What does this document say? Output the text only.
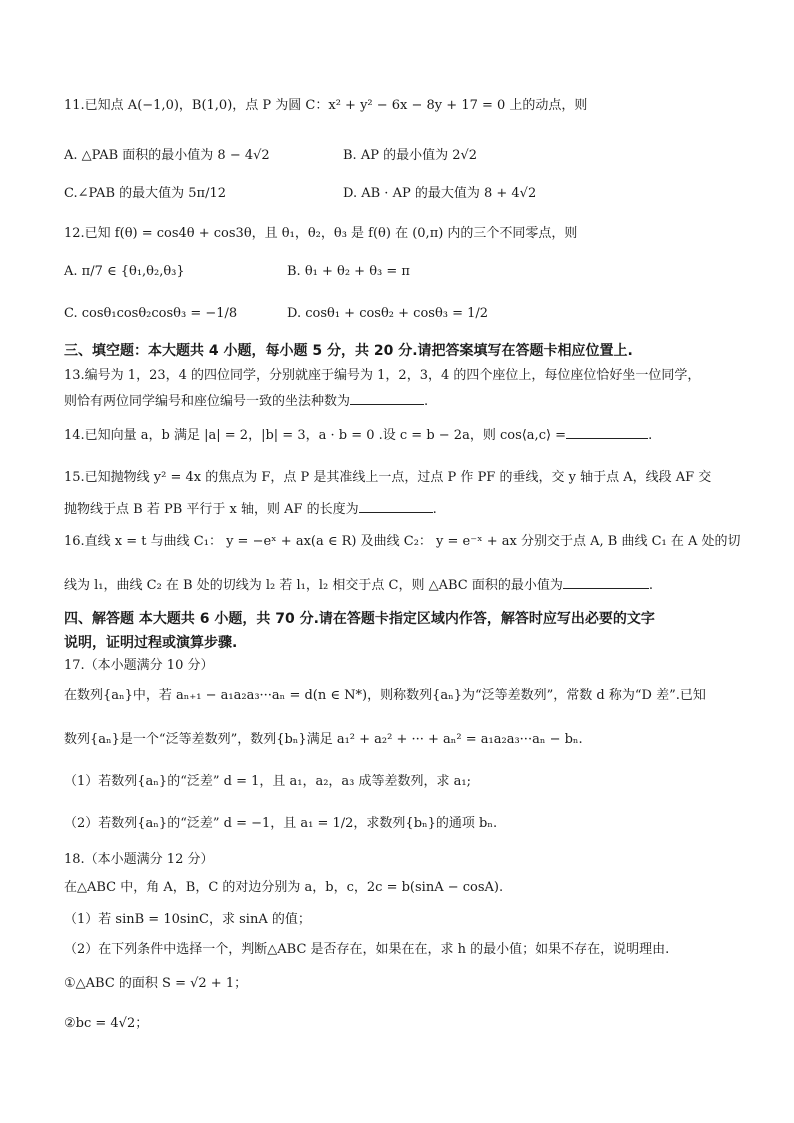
11.已知点 A(−1,0)，B(1,0)，点 P 为圆 C：x² + y² − 6x − 8y + 17 = 0 上的动点，则
A. △PAB 面积的最小值为 8 − 4√2	B. AP 的最小值为 2√2
C.∠PAB 的最大值为 5π/12	D. AB · AP 的最大值为 8 + 4√2
12.已知 f(θ) = cos4θ + cos3θ，且 θ₁，θ₂，θ₃ 是 f(θ) 在 (0,π) 内的三个不同零点，则
A. π/7 ∈ {θ₁,θ₂,θ₃}	B. θ₁ + θ₂ + θ₃ = π
C. cosθ₁cosθ₂cosθ₃ = −1/8	D. cosθ₁ + cosθ₂ + cosθ₃ = 1/2
三、填空题：本大题共 4 小题，每小题 5 分，共 20 分.请把答案填写在答题卡相应位置上.
13.编号为 1，23，4 的四位同学，分别就座于编号为 1，2，3，4 的四个座位上，每位座位恰好坐一位同学，
则恰有两位同学编号和座位编号一致的坐法种数为	.
14.已知向量 a，b 满足 |a| = 2，|b| = 3，a · b = 0 .设 c = b − 2a，则 cos⟨a,c⟩ =	.
15.已知抛物线 y² = 4x 的焦点为 F，点 P 是其准线上一点，过点 P 作 PF 的垂线，交 y 轴于点 A，线段 AF 交
抛物线于点 B 若 PB 平行于 x 轴，则 AF 的长度为	.
16.直线 x = t 与曲线 C₁： y = −eˣ + ax(a ∈ R) 及曲线 C₂： y = e⁻ˣ + ax 分别交于点 A, B 曲线 C₁ 在 A 处的切
线为 l₁，曲线 C₂ 在 B 处的切线为 l₂ 若 l₁，l₂ 相交于点 C，则 △ABC 面积的最小值为	.
四、解答题 本大题共 6 小题，共 70 分.请在答题卡指定区域内作答，解答时应写出必要的文字
说明，证明过程或演算步骤.
17.（本小题满分 10 分）
在数列{aₙ}中，若 aₙ₊₁ − a₁a₂a₃···aₙ = d(n ∈ N*)，则称数列{aₙ}为“泛等差数列”，常数 d 称为“D 差”.已知
数列{aₙ}是一个“泛等差数列”，数列{bₙ}满足 a₁² + a₂² + ··· + aₙ² = a₁a₂a₃···aₙ − bₙ.
（1）若数列{aₙ}的“泛差” d = 1，且 a₁，a₂，a₃ 成等差数列，求 a₁;
（2）若数列{aₙ}的“泛差” d = −1，且 a₁ = 1/2，求数列{bₙ}的通项 bₙ.
18.（本小题满分 12 分）
在△ABC 中，角 A，B，C 的对边分别为 a，b，c，2c = b(sinA − cosA).
（1）若 sinB = 10sinC，求 sinA 的值；
（2）在下列条件中选择一个，判断△ABC 是否存在，如果在在，求 h 的最小值；如果不存在，说明理由.
①△ABC 的面积 S = √2 + 1；
②bc = 4√2；
